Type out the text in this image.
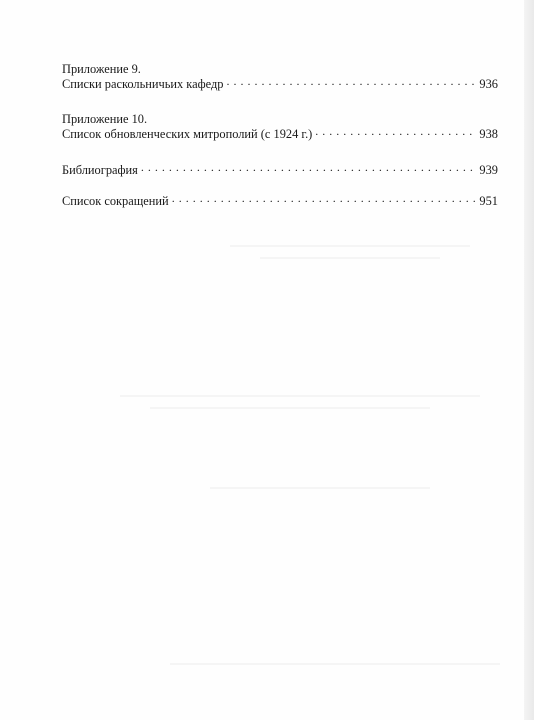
Приложение 9.
Списки раскольничьих кафедр . . .	936
Приложение 10.
Список обновленческих митрополий (с 1924 г.) . . .	938
Библиография . . .	939
Список сокращений . . .	951
